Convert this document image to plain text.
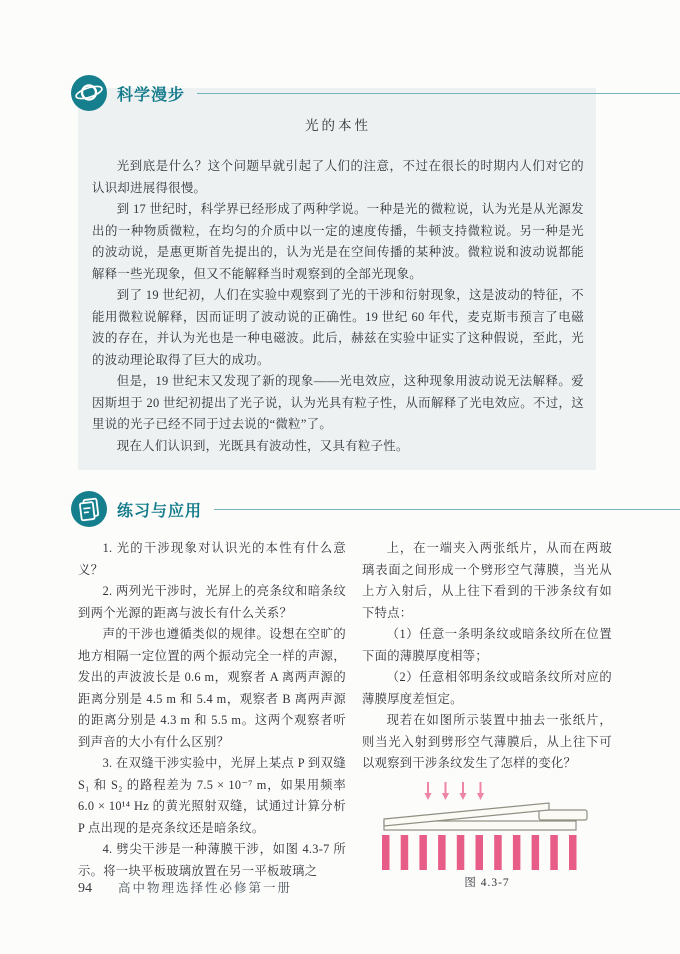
科学漫步
光的本性

光到底是什么？这个问题早就引起了人们的注意，不过在很长的时期内人们对它的认识却进展得很慢。

到 17 世纪时，科学界已经形成了两种学说。一种是光的微粒说，认为光是从光源发出的一种物质微粒，在均匀的介质中以一定的速度传播，牛顿支持微粒说。另一种是光的波动说，是惠更斯首先提出的，认为光是在空间传播的某种波。微粒说和波动说都能解释一些光现象，但又不能解释当时观察到的全部光现象。

到了 19 世纪初，人们在实验中观察到了光的干涉和衍射现象，这是波动的特征，不能用微粒说解释，因而证明了波动说的正确性。19 世纪 60 年代，麦克斯韦预言了电磁波的存在，并认为光也是一种电磁波。此后，赫兹在实验中证实了这种假说，至此，光的波动理论取得了巨大的成功。

但是，19 世纪末又发现了新的现象——光电效应，这种现象用波动说无法解释。爱因斯坦于 20 世纪初提出了光子说，认为光具有粒子性，从而解释了光电效应。不过，这里说的光子已经不同于过去说的“微粒”了。

现在人们认识到，光既具有波动性，又具有粒子性。

练习与应用

1. 光的干涉现象对认识光的本性有什么意义？

2. 两列光干涉时，光屏上的亮条纹和暗条纹到两个光源的距离与波长有什么关系？

声的干涉也遵循类似的规律。设想在空旷的地方相隔一定位置的两个振动完全一样的声源，发出的声波波长是 0.6 m，观察者 A 离两声源的距离分别是 4.5 m 和 5.4 m，观察者 B 离两声源的距离分别是 4.3 m 和 5.5 m。这两个观察者听到声音的大小有什么区别？

3. 在双缝干涉实验中，光屏上某点 P 到双缝 S₁ 和 S₂ 的路程差为 7.5 × 10⁻⁷ m，如果用频率 6.0 × 10¹⁴ Hz 的黄光照射双缝，试通过计算分析 P 点出现的是亮条纹还是暗条纹。

4. 劈尖干涉是一种薄膜干涉，如图 4.3-7 所示。将一块平板玻璃放置在另一平板玻璃之

上，在一端夹入两张纸片，从而在两玻璃表面之间形成一个劈形空气薄膜，当光从上方入射后，从上往下看到的干涉条纹有如下特点：

（1）任意一条明条纹或暗条纹所在位置下面的薄膜厚度相等；

（2）任意相邻明条纹或暗条纹所对应的薄膜厚度差恒定。

现若在如图所示装置中抽去一张纸片，则当光入射到劈形空气薄膜后，从上往下可以观察到干涉条纹发生了怎样的变化？

图 4.3-7
94 高中物理选择性必修第一册
